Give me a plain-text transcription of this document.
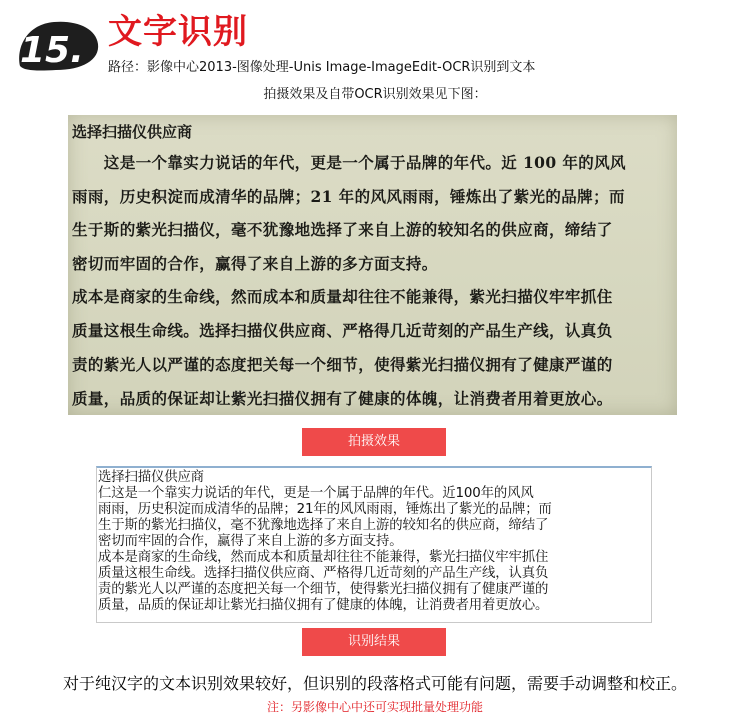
15. 文字识别
路径：影像中心2013-图像处理-Unis Image-ImageEdit-OCR识别到文本
拍摄效果及自带OCR识别效果见下图：
选择扫描仪供应商
　　这是一个靠实力说话的年代，更是一个属于品牌的年代。近 100 年的风风
雨雨，历史积淀而成清华的品牌；21 年的风风雨雨，锤炼出了紫光的品牌；而
生于斯的紫光扫描仪，毫不犹豫地选择了来自上游的较知名的供应商，缔结了
密切而牢固的合作，赢得了来自上游的多方面支持。
成本是商家的生命线，然而成本和质量却往往不能兼得，紫光扫描仪牢牢抓住
质量这根生命线。选择扫描仪供应商、严格得几近苛刻的产品生产线，认真负
责的紫光人以严谨的态度把关每一个细节，使得紫光扫描仪拥有了健康严谨的
质量，品质的保证却让紫光扫描仪拥有了健康的体魄，让消费者用着更放心。
拍摄效果
选择扫描仪供应商
仁这是一个靠实力说话的年代，更是一个属于品牌的年代。近100年的风风
雨雨，历史积淀而成清华的品牌；21年的风风雨雨，锤炼出了紫光的品牌；而
生于斯的紫光扫描仪，毫不犹豫地选择了来自上游的较知名的供应商，缔结了
密切而牢固的合作，赢得了来自上游的多方面支持。
成本是商家的生命线，然而成本和质量却往往不能兼得，紫光扫描仪牢牢抓住
质量这根生命线。选择扫描仪供应商、严格得几近苛刻的产品生产线，认真负
责的紫光人以严谨的态度把关每一个细节，使得紫光扫描仪拥有了健康严谨的
质量，品质的保证却让紫光扫描仪拥有了健康的体魄，让消费者用着更放心。
识别结果
对于纯汉字的文本识别效果较好，但识别的段落格式可能有问题，需要手动调整和校正。
注：另影像中心中还可实现批量处理功能
